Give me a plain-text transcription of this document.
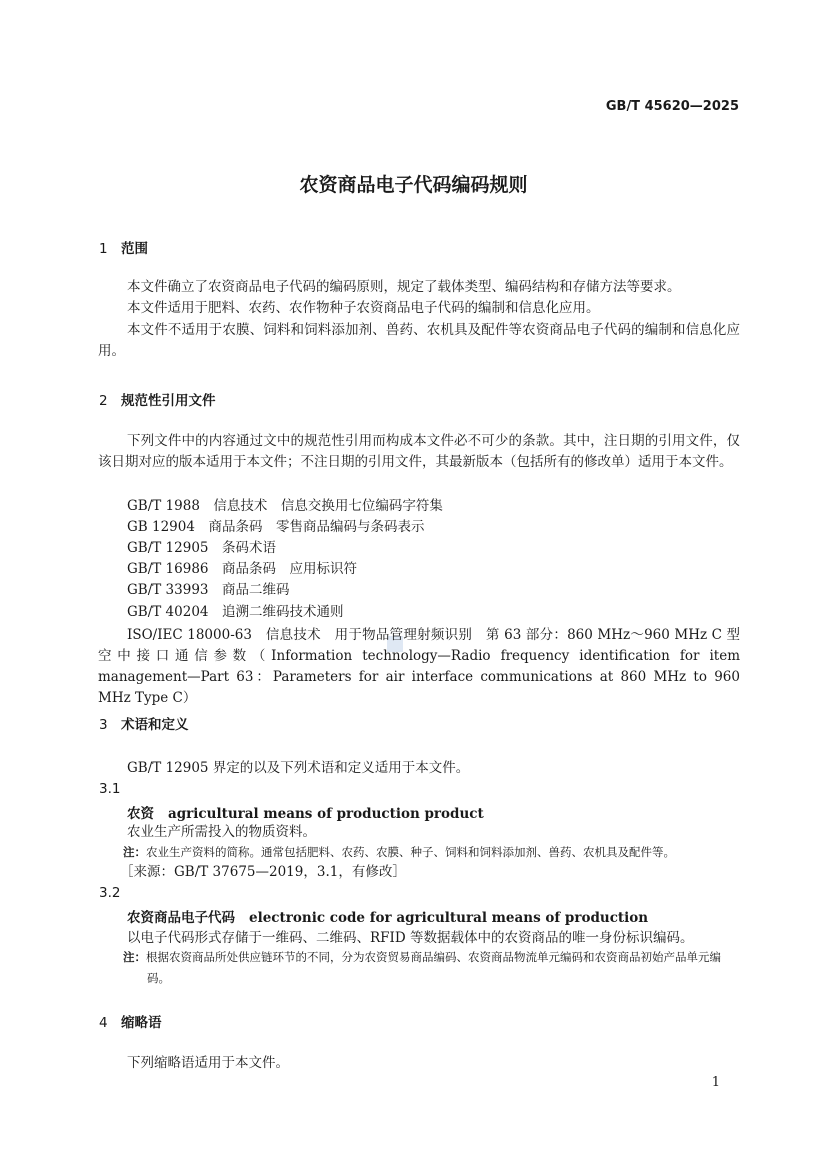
GB/T 45620—2025
农资商品电子代码编码规则
1 范围
本文件确立了农资商品电子代码的编码原则，规定了载体类型、编码结构和存储方法等要求。
本文件适用于肥料、农药、农作物种子农资商品电子代码的编制和信息化应用。
本文件不适用于农膜、饲料和饲料添加剂、兽药、农机具及配件等农资商品电子代码的编制和信息化应用。
2 规范性引用文件
下列文件中的内容通过文中的规范性引用而构成本文件必不可少的条款。其中，注日期的引用文件，仅该日期对应的版本适用于本文件；不注日期的引用文件，其最新版本（包括所有的修改单）适用于本文件。
GB/T 1988　 信息技术　信息交换用七位编码字符集
GB 12904　 商品条码　零售商品编码与条码表示
GB/T 12905　 条码术语
GB/T 16986　 商品条码　应用标识符
GB/T 33993　 商品二维码
GB/T 40204　 追溯二维码技术通则
ISO/IEC 18000-63　信息技术　用于物品管理射频识别　第 63 部分：860 MHz～960 MHz C 型空中接口通信参数（Information technology—Radio frequency identification for item management—Part 63：Parameters for air interface communications at 860 MHz to 960 MHz Type C）
3 术语和定义
GB/T 12905 界定的以及下列术语和定义适用于本文件。
3.1
农资 agricultural means of production product
农业生产所需投入的物质资料。
注：农业生产资料的简称。通常包括肥料、农药、农膜、种子、饲料和饲料添加剂、兽药、农机具及配件等。
［来源：GB/T 37675—2019，3.1，有修改］
3.2
农资商品电子代码 electronic code for agricultural means of production
以电子代码形式存储于一维码、二维码、RFID 等数据载体中的农资商品的唯一身份标识编码。
注：根据农资商品所处供应链环节的不同，分为农资贸易商品编码、农资商品物流单元编码和农资商品初始产品单元编码。
4 缩略语
下列缩略语适用于本文件。
1
